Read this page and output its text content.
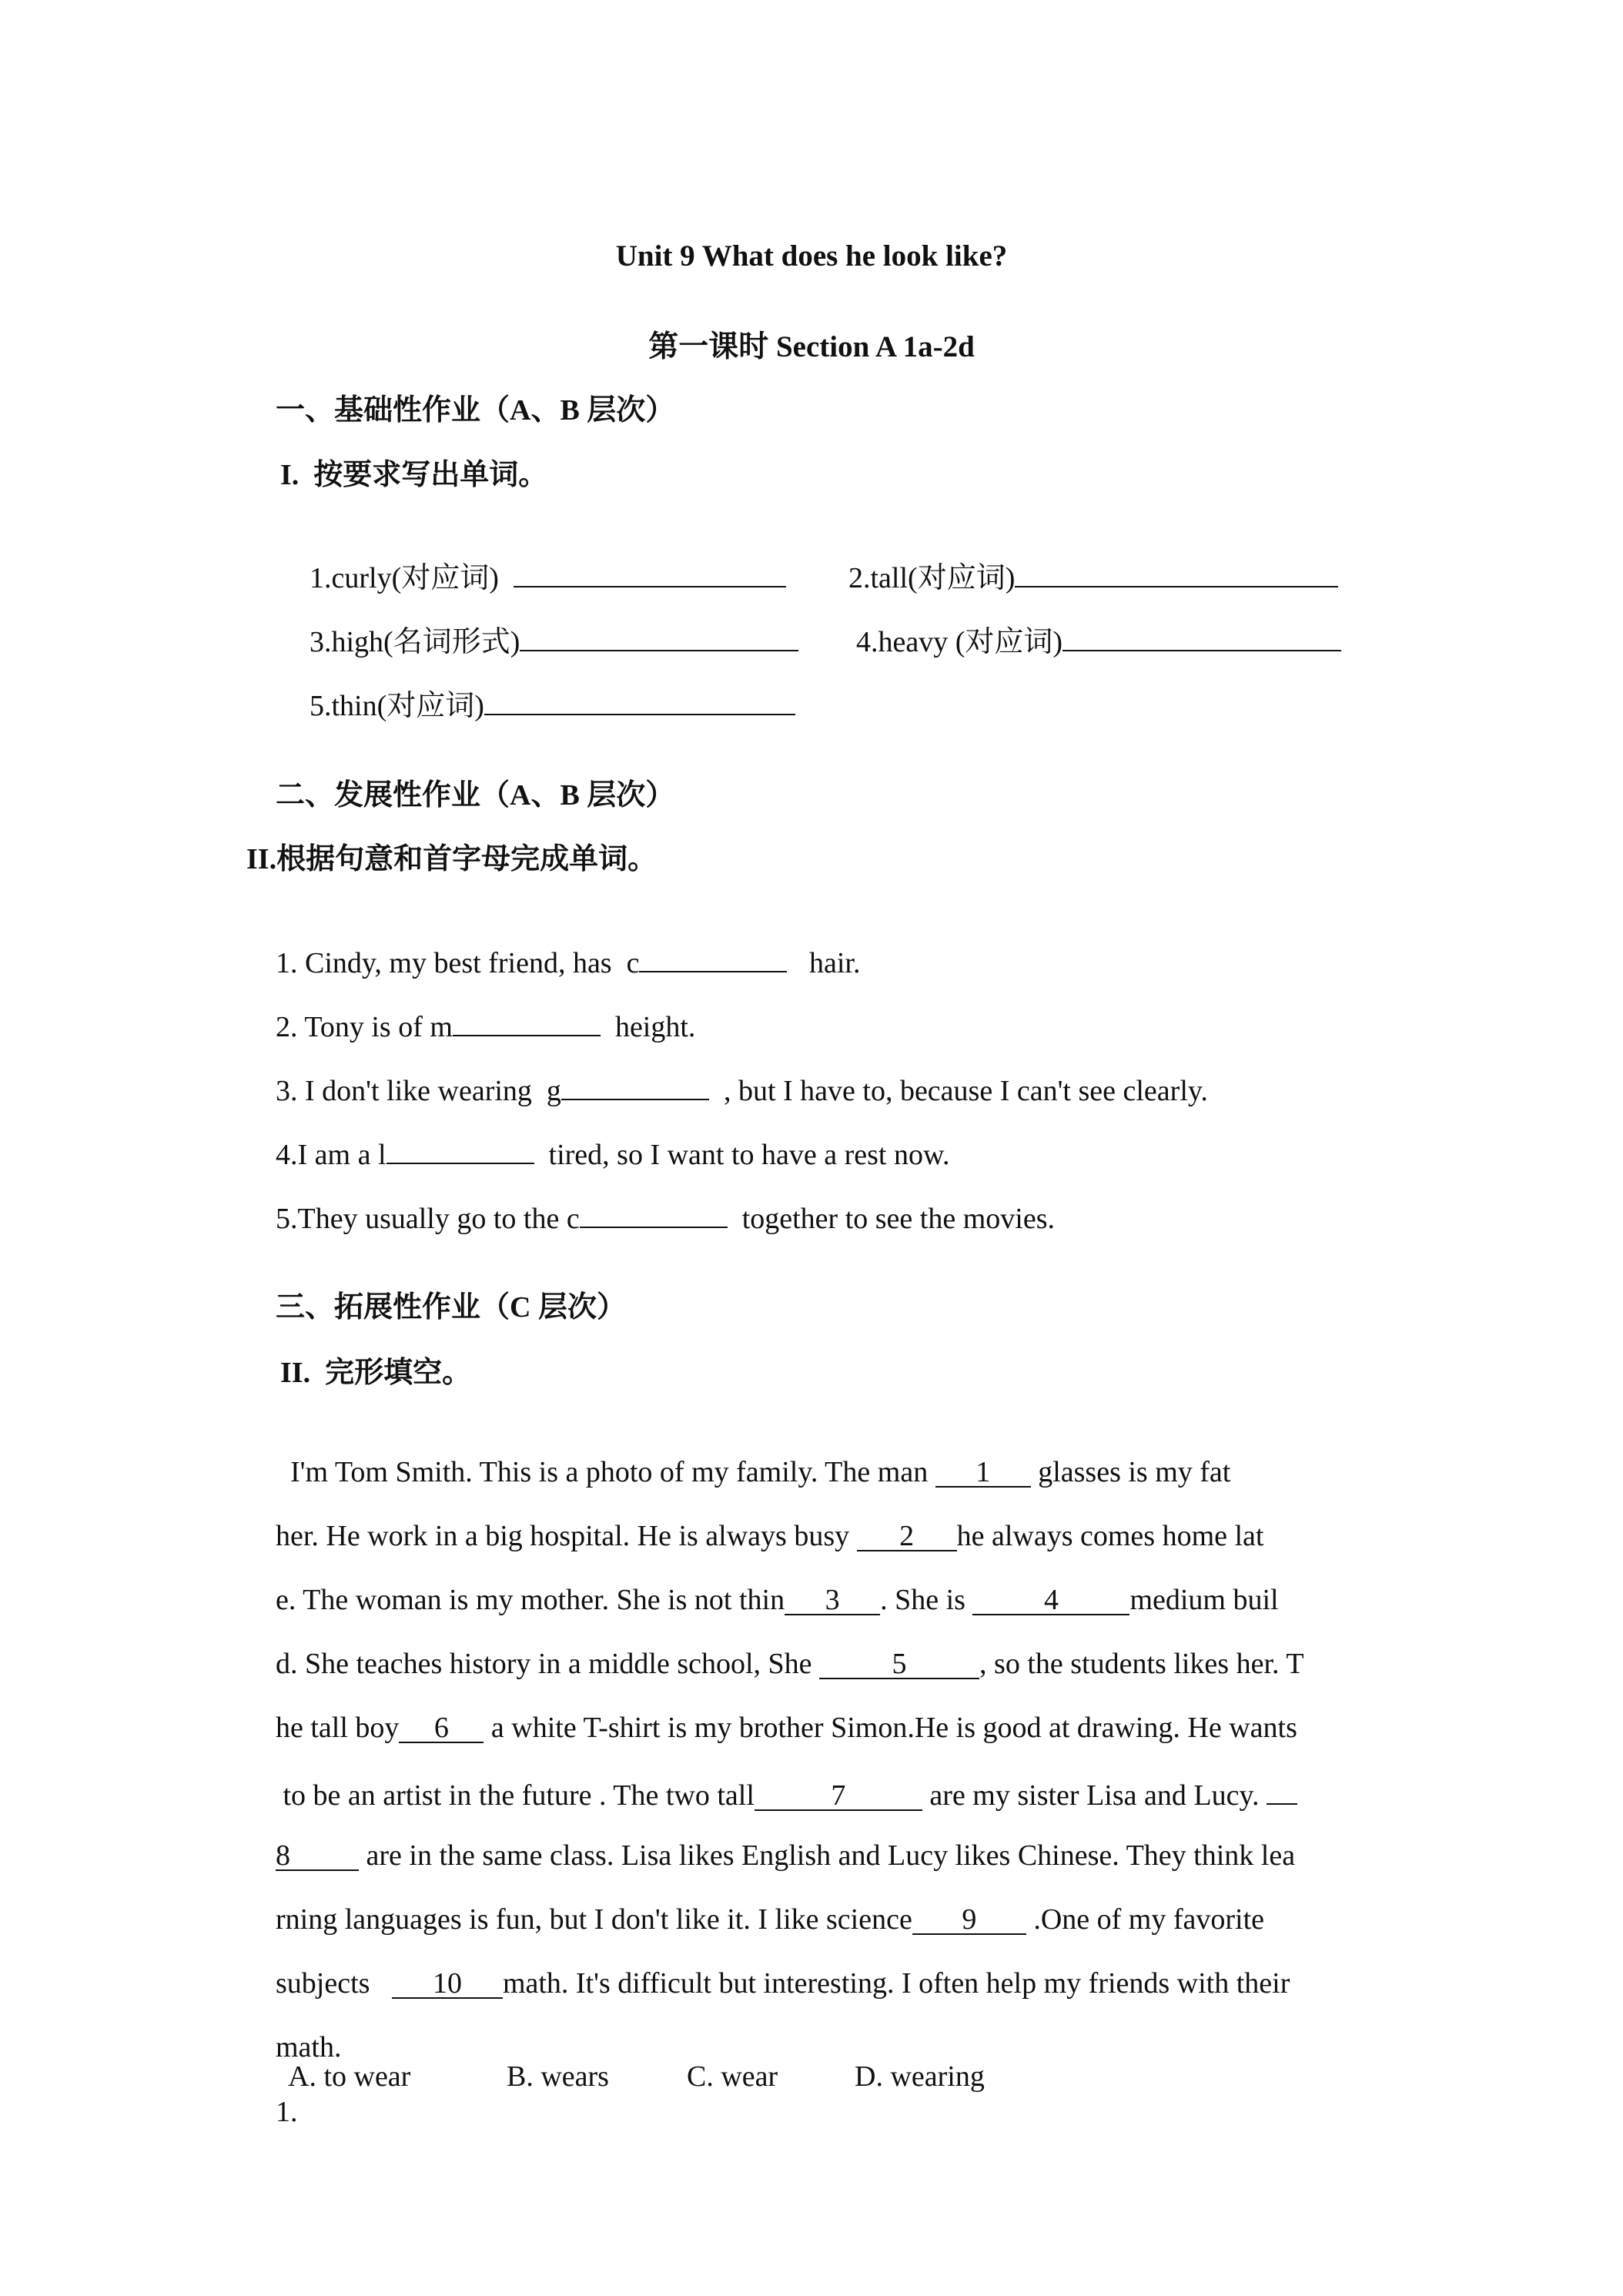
Unit 9 What does he look like?
第一课时 Section A 1a-2d
一、基础性作业（A、B 层次）
I.  按要求写出单词。

1.curly(对应词)
	2.tall(对应词)

3.high(名词形式)
	4.heavy (对应词)

5.thin(对应词)

二、发展性作业（A、B 层次）
II.根据句意和首字母完成单词。

1. Cindy, my best friend, has  c	hair.

2. Tony is of m	height.

3. I don't like wearing  g	, but I have to, because I can't see clearly.

4.I am a l	tired, so I want to have a rest now.

5.They usually go to the c	together to see the movies.

三、拓展性作业（C 层次）
II.  完形填空。

I'm Tom Smith. This is a photo of my family. The man 1 glasses is my fat

her. He work in a big hospital. He is always busy 2 he always comes home lat

e. The woman is my mother. She is not thin 3 . She is 4 medium buil

d. She teaches history in a middle school, She 5 , so the students likes her. T

he tall boy 6 a white T-shirt is my brother Simon.He is good at drawing. He wants

to be an artist in the future . The two tall	7	are my sister Lisa and Lucy.

8 are in the same class. Lisa likes English and Lucy likes Chinese. They think lea

rning languages is fun, but I don't like it. I like science 9 .One of my favorite

subjects   10 math. It's difficult but interesting. I often help my friends with their

math.

1.

A. to wear	B. wears	C. wear	D. wearing
